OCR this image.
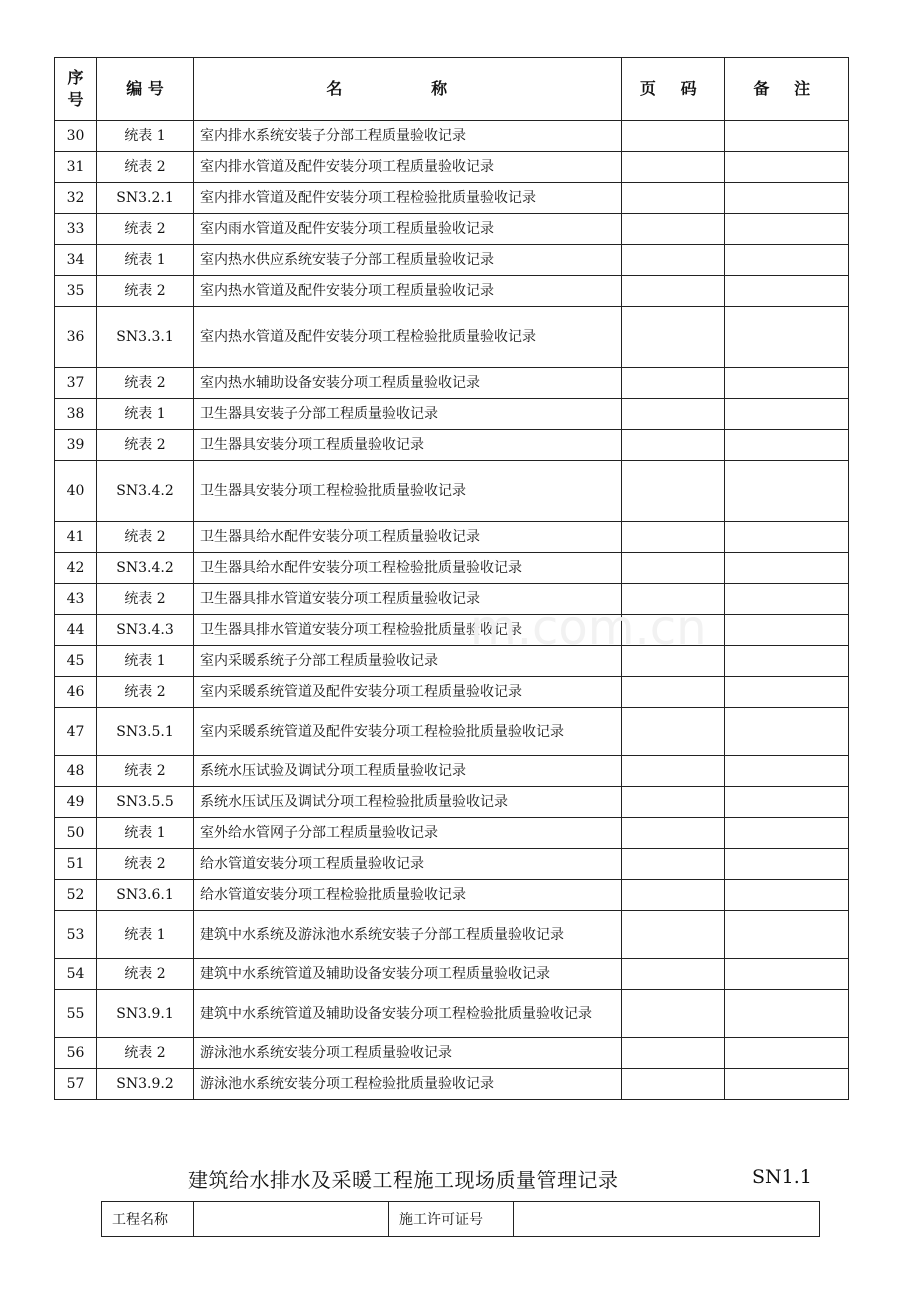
序号	编 号	名 称	页 码	备 注
30	统表 1	室内排水系统安装子分部工程质量验收记录		
31	统表 2	室内排水管道及配件安装分项工程质量验收记录		
32	SN3.2.1	室内排水管道及配件安装分项工程检验批质量验收记录		
33	统表 2	室内雨水管道及配件安装分项工程质量验收记录		
34	统表 1	室内热水供应系统安装子分部工程质量验收记录		
35	统表 2	室内热水管道及配件安装分项工程质量验收记录		
36	SN3.3.1	室内热水管道及配件安装分项工程检验批质量验收记录		
37	统表 2	室内热水辅助设备安装分项工程质量验收记录		
38	统表 1	卫生器具安装子分部工程质量验收记录		
39	统表 2	卫生器具安装分项工程质量验收记录		
40	SN3.4.2	卫生器具安装分项工程检验批质量验收记录		
41	统表 2	卫生器具给水配件安装分项工程质量验收记录		
42	SN3.4.2	卫生器具给水配件安装分项工程检验批质量验收记录		
43	统表 2	卫生器具排水管道安装分项工程质量验收记录		
44	SN3.4.3	卫生器具排水管道安装分项工程检验批质量验收记录		
45	统表 1	室内采暖系统子分部工程质量验收记录		
46	统表 2	室内采暖系统管道及配件安装分项工程质量验收记录		
47	SN3.5.1	室内采暖系统管道及配件安装分项工程检验批质量验收记录		
48	统表 2	系统水压试验及调试分项工程质量验收记录		
49	SN3.5.5	系统水压试压及调试分项工程检验批质量验收记录		
50	统表 1	室外给水管网子分部工程质量验收记录		
51	统表 2	给水管道安装分项工程质量验收记录		
52	SN3.6.1	给水管道安装分项工程检验批质量验收记录		
53	统表 1	建筑中水系统及游泳池水系统安装子分部工程质量验收记录		
54	统表 2	建筑中水系统管道及辅助设备安装分项工程质量验收记录		
55	SN3.9.1	建筑中水系统管道及辅助设备安装分项工程检验批质量验收记录		
56	统表 2	游泳池水系统安装分项工程质量验收记录		
57	SN3.9.2	游泳池水系统安装分项工程检验批质量验收记录		
m.com.cn
建筑给水排水及采暖工程施工现场质量管理记录	SN1.1
工程名称		施工许可证号	
